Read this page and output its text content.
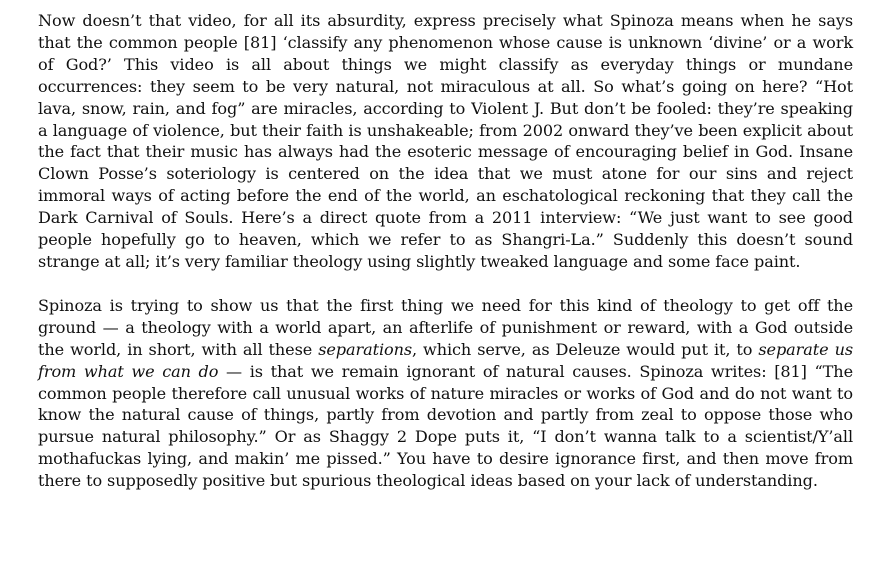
Now doesn’t that video, for all its absurdity, express precisely what Spinoza means when he says that the common people [81] ‘classify any phenomenon whose cause is unknown ‘divine’ or a work of God?’ This video is all about things we might classify as everyday things or mundane occurrences: they seem to be very natural, not miraculous at all. So what’s going on here? “Hot lava, snow, rain, and fog” are miracles, according to Violent J. But don’t be fooled: they’re speaking a language of violence, but their faith is unshakeable; from 2002 onward they’ve been explicit about the fact that their music has always had the esoteric message of encouraging belief in God. Insane Clown Posse’s soteriology is centered on the idea that we must atone for our sins and reject immoral ways of acting before the end of the world, an eschatological reckoning that they call the Dark Carnival of Souls. Here’s a direct quote from a 2011 interview: “We just want to see good people hopefully go to heaven, which we refer to as Shangri-La.” Suddenly this doesn’t sound strange at all; it’s very familiar theology using slightly tweaked language and some face paint.

Spinoza is trying to show us that the first thing we need for this kind of theology to get off the ground — a theology with a world apart, an afterlife of punishment or reward, with a God outside the world, in short, with all these separations, which serve, as Deleuze would put it, to separate us from what we can do — is that we remain ignorant of natural causes. Spinoza writes: [81] “The common people therefore call unusual works of nature miracles or works of God and do not want to know the natural cause of things, partly from devotion and partly from zeal to oppose those who pursue natural philosophy.” Or as Shaggy 2 Dope puts it, “I don’t wanna talk to a scientist/Y’all mothafuckas lying, and makin’ me pissed.” You have to desire ignorance first, and then move from there to supposedly positive but spurious theological ideas based on your lack of understanding.
